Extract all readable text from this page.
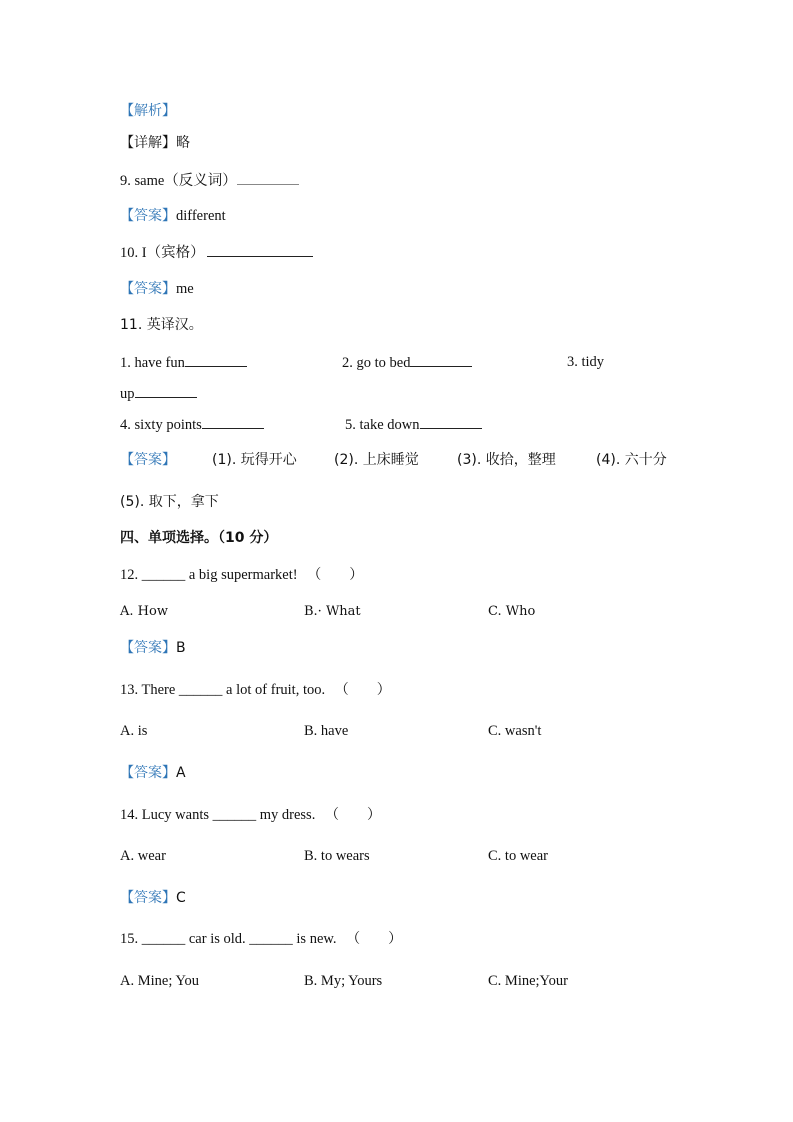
【解析】
【详解】略
9. same（反义词）
【答案】different
10. I（宾格）
【答案】me
11. 英译汉。
1. have fun	2. go to bed	3. tidy
up
4. sixty points	5. take down
【答案】	(1). 玩得开心	(2). 上床睡觉	(3). 收拾，整理	(4). 六十分
(5). 取下，拿下
四、单项选择。（10 分）
12. ______ a big supermarket! （　　）
A. How	B.· What	C. Who
【答案】B
13. There ______ a lot of fruit, too. （　　）
A. is	B. have	C. wasn't
【答案】A
14. Lucy wants ______ my dress. （　　）
A. wear	B. to wears	C. to wear
【答案】C
15. ______ car is old. ______ is new. （　　）
A. Mine; You	B. My; Yours	C. Mine;Your
